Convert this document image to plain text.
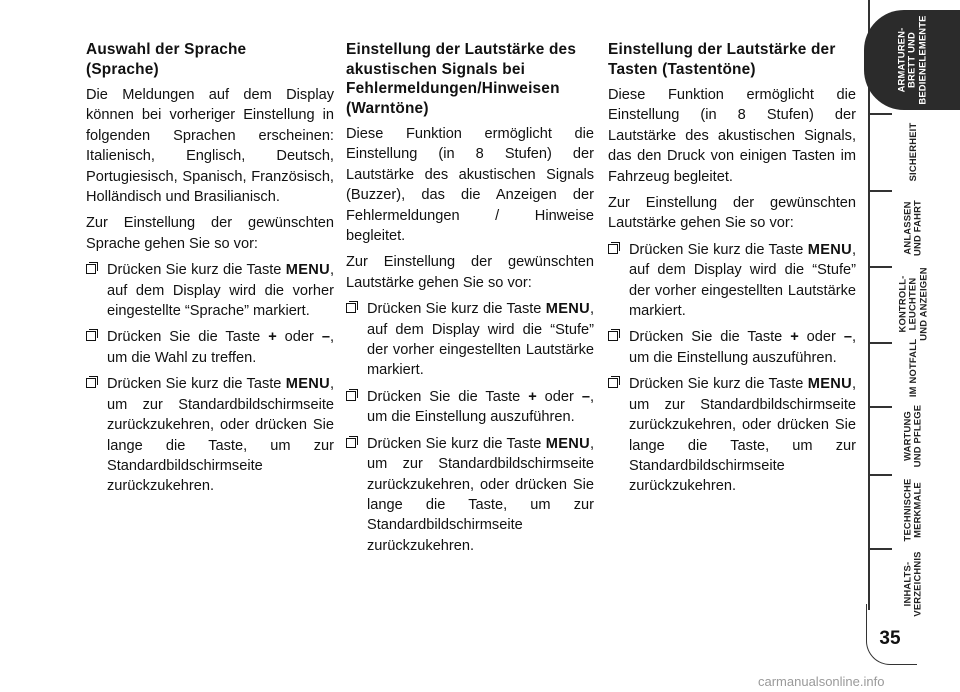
Auswahl der Sprache
(Sprache)

Die Meldungen auf dem Display können bei vorheriger Einstellung in folgenden Sprachen erscheinen: Italienisch, Englisch, Deutsch, Portugiesisch, Spanisch, Französisch, Holländisch und Brasilianisch.

Zur Einstellung der gewünschten Sprache gehen Sie so vor:

Drücken Sie kurz die Taste MENU, auf dem Display wird die vorher eingestellte “Sprache” markiert.
Drücken Sie die Taste + oder –, um die Wahl zu treffen.
Drücken Sie kurz die Taste MENU, um zur Standardbildschirmseite zurückzukehren, oder drücken Sie lange die Taste, um zur Standardbildschirmseite zurückzukehren.
Einstellung der Lautstärke des
akustischen Signals bei
Fehlermeldungen/Hinweisen
(Warntöne)

Diese Funktion ermöglicht die Einstellung (in 8 Stufen) der Lautstärke des akustischen Signals (Buzzer), das die Anzeigen der Fehlermeldungen / Hinweise begleitet.

Zur Einstellung der gewünschten Lautstärke gehen Sie so vor:

Drücken Sie kurz die Taste MENU, auf dem Display wird die “Stufe” der vorher eingestellten Lautstärke markiert.
Drücken Sie die Taste + oder –, um die Einstellung auszuführen.
Drücken Sie kurz die Taste MENU, um zur Standardbildschirmseite zurückzukehren, oder drücken Sie lange die Taste, um zur Standardbildschirmseite zurückzukehren.
Einstellung der Lautstärke der
Tasten (Tastentöne)

Diese Funktion ermöglicht die Einstellung (in 8 Stufen) der Lautstärke des akustischen Signals, das den Druck von einigen Tasten im Fahrzeug begleitet.

Zur Einstellung der gewünschten Lautstärke gehen Sie so vor:

Drücken Sie kurz die Taste MENU, auf dem Display wird die “Stufe” der vorher eingestellten Lautstärke markiert.
Drücken Sie die Taste + oder –, um die Einstellung auszuführen.
Drücken Sie kurz die Taste MENU, um zur Standardbildschirmseite zurückzukehren, oder drücken Sie lange die Taste, um zur Standardbildschirmseite zurückzukehren.
ARMATUREN-
BRETT UND
BEDIENELEMENTE
SICHERHEIT
ANLASSEN
UND FAHRT
KONTROLL-
LEUCHTEN
UND ANZEIGEN
IM NOTFALL
WARTUNG
UND PFLEGE
TECHNISCHE
MERKMALE
INHALTS-
VERZEICHNIS
35
carmanualsonline.info
